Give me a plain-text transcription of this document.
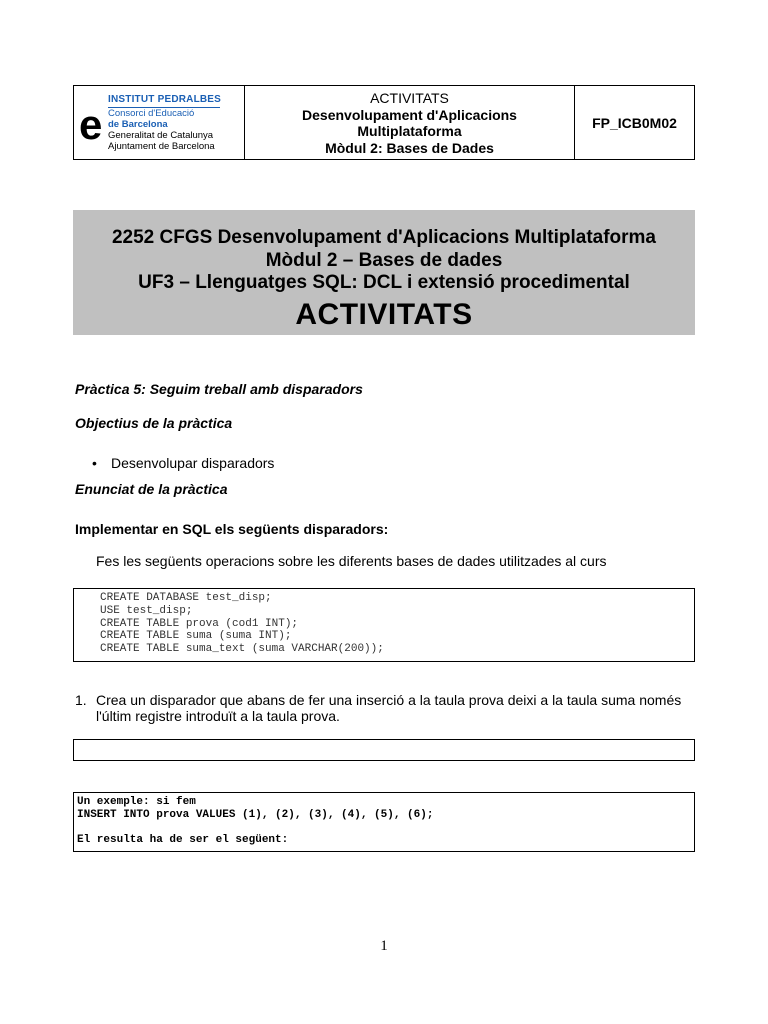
e
INSTITUT PEDRALBES
Consorci d'Educació
de Barcelona
Generalitat de Catalunya
Ajuntament de Barcelona
ACTIVITATS
Desenvolupament d'Aplicacions
Multiplataforma
Mòdul 2: Bases de Dades
FP_ICB0M02
2252 CFGS Desenvolupament d'Aplicacions Multiplataforma
Mòdul 2 – Bases de dades
UF3 – Llenguatges SQL: DCL i extensió procedimental
ACTIVITATS
Pràctica 5: Seguim treball amb disparadors
Objectius de la pràctica
• Desenvolupar disparadors
Enunciat de la pràctica
Implementar en SQL els següents disparadors:
Fes les següents operacions sobre les diferents bases de dades utilitzades al curs
CREATE DATABASE test_disp;
USE test_disp;
CREATE TABLE prova (cod1 INT);
CREATE TABLE suma (suma INT);
CREATE TABLE suma_text (suma VARCHAR(200));
1. Crea un disparador que abans de fer una inserció a la taula prova deixi a la taula suma només l'últim registre introduït a la taula prova.
Un exemple: si fem
INSERT INTO prova VALUES (1), (2), (3), (4), (5), (6);

El resulta ha de ser el següent:
1
